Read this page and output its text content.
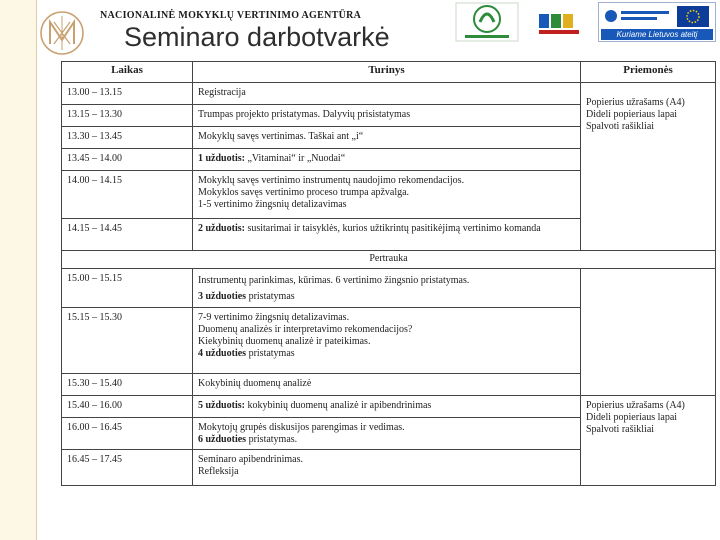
NACIONALINĖ MOKYKLŲ VERTINIMO AGENTŪRA
Seminaro darbotvarkė	Kuriame Lietuvos ateitį
Laikas	Turinys	Priemonės
13.00 – 13.15	Registracija	Popierius užrašams (A4)
Dideli popieriaus lapai
Spalvoti rašikliai

13.15 – 13.30	Trumpas projekto pristatymas. Dalyvių prisistatymas	
13.30 – 13.45	Mokyklų savęs vertinimas. Taškai ant „i“	
13.45 – 14.00	1 užduotis: „Vitaminai“ ir „Nuodai“	
14.00 – 14.15	Mokyklų savęs vertinimo instrumentų naudojimo rekomendacijos.
Mokyklos savęs vertinimo proceso trumpa apžvalga.
1-5 vertinimo žingsnių detalizavimas	

14.15 – 14.45	2 užduotis: susitarimai ir taisyklės, kurios užtikrintų pasitikėjimą vertinimo komanda	
Pertrauka		
15.00 – 15.15	Instrumentų parinkimas, kūrimas. 6 vertinimo žingsnio pristatymas.
3 užduoties pristatymas	

15.15 – 15.30	7-9 vertinimo žingsnių detalizavimas.
Duomenų analizės ir interpretavimo rekomendacijos?
Kiekybinių duomenų analizė ir pateikimas.
4 užduoties pristatymas	

15.30 – 15.40	Kokybinių duomenų analizė	
15.40 – 16.00	5 užduotis: kokybinių duomenų analizė ir apibendrinimas	Popierius užrašams (A4)
Dideli popieriaus lapai
Spalvoti rašikliai

16.00 – 16.45	Mokytojų grupės diskusijos parengimas ir vedimas.
6 užduoties pristatymas.	

16.45 – 17.45	Seminaro apibendrinimas.
Refleksija	
